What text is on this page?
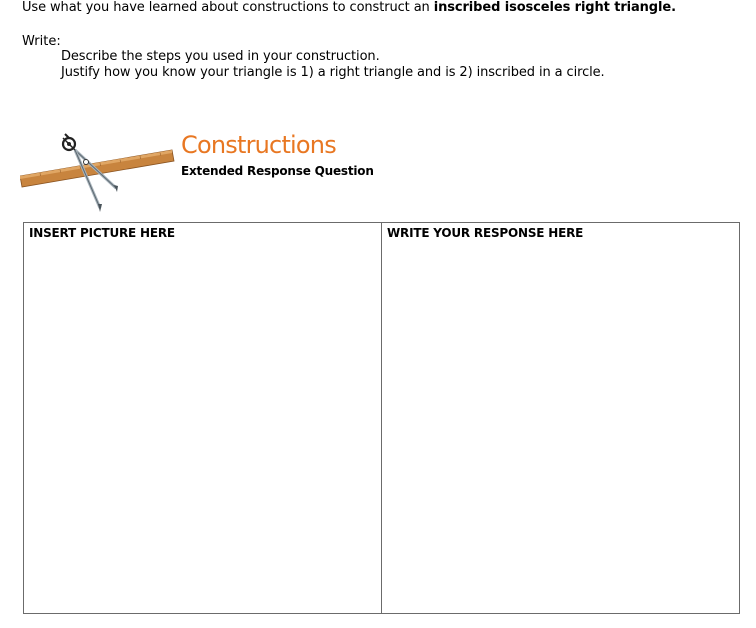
Use what you have learned about constructions to construct an inscribed isosceles right triangle.
Write:
Describe the steps you used in your construction.
Justify how you know your triangle is 1) a right triangle and is 2) inscribed in a circle.
Constructions
Extended Response Question
INSERT PICTURE HERE	WRITE YOUR RESPONSE HERE
